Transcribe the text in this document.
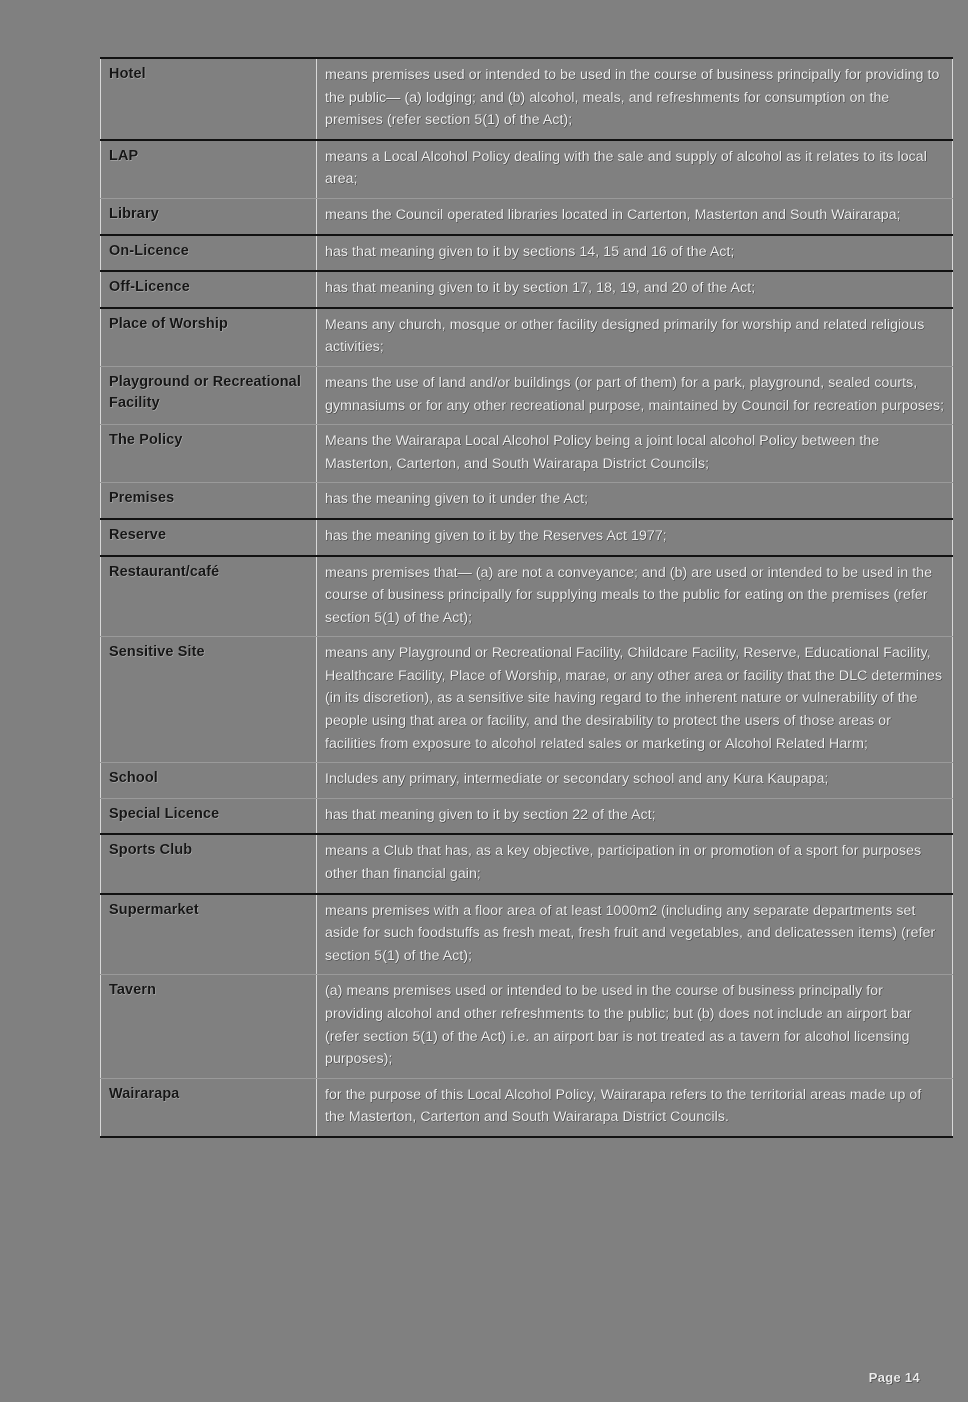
Hotel	means premises used or intended to be used in the course of business principally for providing to the public— (a) lodging; and (b) alcohol, meals, and refreshments for consumption on the premises (refer section 5(1) of the Act);
LAP	means a Local Alcohol Policy dealing with the sale and supply of alcohol as it relates to its local area;
Library	means the Council operated libraries located in Carterton, Masterton and South Wairarapa;
On-Licence	has that meaning given to it by sections 14, 15 and 16 of the Act;
Off-Licence	has that meaning given to it by section 17, 18, 19, and 20 of the Act;
Place of Worship	Means any church, mosque or other facility designed primarily for worship and related religious activities;
Playground or Recreational Facility	means the use of land and/or buildings (or part of them) for a park, playground, sealed courts, gymnasiums or for any other recreational purpose, maintained by Council for recreation purposes;
The Policy	Means the Wairarapa Local Alcohol Policy being a joint local alcohol Policy between the Masterton, Carterton, and South Wairarapa District Councils;
Premises	has the meaning given to it under the Act;
Reserve	has the meaning given to it by the Reserves Act 1977;
Restaurant/café	means premises that— (a) are not a conveyance; and (b) are used or intended to be used in the course of business principally for supplying meals to the public for eating on the premises (refer section 5(1) of the Act);
Sensitive Site	means any Playground or Recreational Facility, Childcare Facility, Reserve, Educational Facility, Healthcare Facility, Place of Worship, marae, or any other area or facility that the DLC determines (in its discretion), as a sensitive site having regard to the inherent nature or vulnerability of the people using that area or facility, and the desirability to protect the users of those areas or facilities from exposure to alcohol related sales or marketing or Alcohol Related Harm;
School	Includes any primary, intermediate or secondary school and any Kura Kaupapa;
Special Licence	has that meaning given to it by section 22 of the Act;
Sports Club	means a Club that has, as a key objective, participation in or promotion of a sport for purposes other than financial gain;
Supermarket	means premises with a floor area of at least 1000m2 (including any separate departments set aside for such foodstuffs as fresh meat, fresh fruit and vegetables, and delicatessen items) (refer section 5(1) of the Act);
Tavern	(a) means premises used or intended to be used in the course of business principally for providing alcohol and other refreshments to the public; but (b) does not include an airport bar (refer section 5(1) of the Act) i.e. an airport bar is not treated as a tavern for alcohol licensing purposes);
Wairarapa	for the purpose of this Local Alcohol Policy, Wairarapa refers to the territorial areas made up of the Masterton, Carterton and South Wairarapa District Councils.
Page 14
